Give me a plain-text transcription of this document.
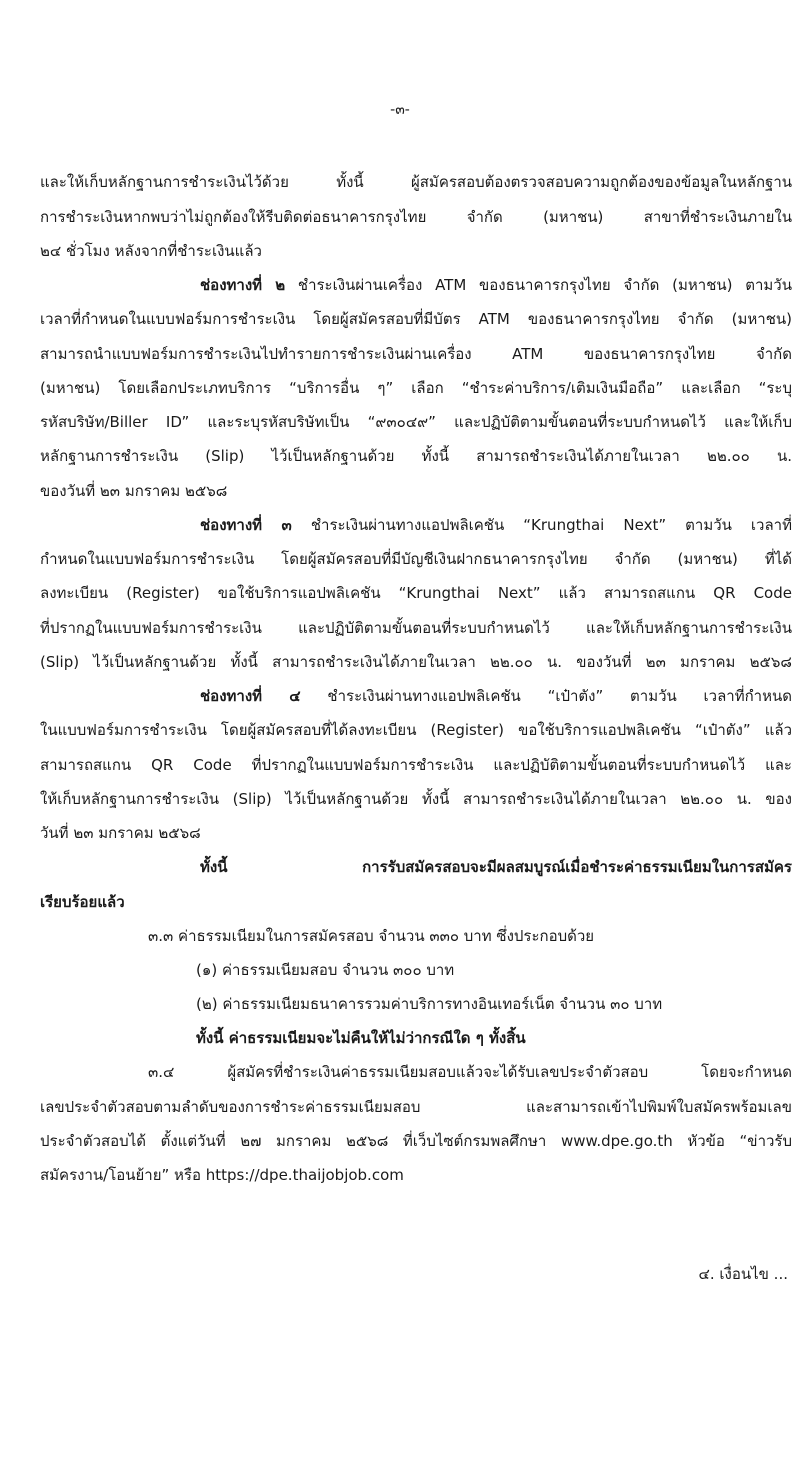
-๓-

และให้เก็บหลักฐานการชำระเงินไว้ด้วย ทั้งนี้ ผู้สมัครสอบต้องตรวจสอบความถูกต้องของข้อมูลในหลักฐาน

การชำระเงินหากพบว่าไม่ถูกต้องให้รีบติดต่อธนาคารกรุงไทย จำกัด (มหาชน) สาขาที่ชำระเงินภายใน

๒๔ ชั่วโมง หลังจากที่ชำระเงินแล้ว

ช่องทางที่ ๒ ชำระเงินผ่านเครื่อง ATM ของธนาคารกรุงไทย จำกัด (มหาชน) ตามวัน

เวลาที่กำหนดในแบบฟอร์มการชำระเงิน โดยผู้สมัครสอบที่มีบัตร ATM ของธนาคารกรุงไทย จำกัด (มหาชน)

สามารถนำแบบฟอร์มการชำระเงินไปทำรายการชำระเงินผ่านเครื่อง ATM ของธนาคารกรุงไทย จำกัด

(มหาชน) โดยเลือกประเภทบริการ “บริการอื่น ๆ” เลือก “ชำระค่าบริการ/เติมเงินมือถือ” และเลือก “ระบุ

รหัสบริษัท/Biller ID” และระบุรหัสบริษัทเป็น “๙๓๐๔๙” และปฏิบัติตามขั้นตอนที่ระบบกำหนดไว้ และให้เก็บ

หลักฐานการชำระเงิน (Slip) ไว้เป็นหลักฐานด้วย ทั้งนี้ สามารถชำระเงินได้ภายในเวลา ๒๒.๐๐ น.

ของวันที่ ๒๓ มกราคม ๒๕๖๘

ช่องทางที่ ๓ ชำระเงินผ่านทางแอปพลิเคชัน “Krungthai Next” ตามวัน เวลาที่

กำหนดในแบบฟอร์มการชำระเงิน โดยผู้สมัครสอบที่มีบัญชีเงินฝากธนาคารกรุงไทย จำกัด (มหาชน) ที่ได้

ลงทะเบียน (Register) ขอใช้บริการแอปพลิเคชัน “Krungthai Next” แล้ว สามารถสแกน QR Code

ที่ปรากฏในแบบฟอร์มการชำระเงิน และปฏิบัติตามขั้นตอนที่ระบบกำหนดไว้ และให้เก็บหลักฐานการชำระเงิน

(Slip) ไว้เป็นหลักฐานด้วย ทั้งนี้ สามารถชำระเงินได้ภายในเวลา ๒๒.๐๐ น. ของวันที่ ๒๓ มกราคม ๒๕๖๘

ช่องทางที่ ๔ ชำระเงินผ่านทางแอปพลิเคชัน “เป๋าตัง” ตามวัน เวลาที่กำหนด

ในแบบฟอร์มการชำระเงิน โดยผู้สมัครสอบที่ได้ลงทะเบียน (Register) ขอใช้บริการแอปพลิเคชัน “เป๋าตัง” แล้ว

สามารถสแกน QR Code ที่ปรากฏในแบบฟอร์มการชำระเงิน และปฏิบัติตามขั้นตอนที่ระบบกำหนดไว้ และ

ให้เก็บหลักฐานการชำระเงิน (Slip) ไว้เป็นหลักฐานด้วย ทั้งนี้ สามารถชำระเงินได้ภายในเวลา ๒๒.๐๐ น. ของ

วันที่ ๒๓ มกราคม ๒๕๖๘

ทั้งนี้ การรับสมัครสอบจะมีผลสมบูรณ์เมื่อชำระค่าธรรมเนียมในการสมัคร

เรียบร้อยแล้ว

๓.๓ ค่าธรรมเนียมในการสมัครสอบ จำนวน ๓๓๐ บาท ซึ่งประกอบด้วย

(๑) ค่าธรรมเนียมสอบ จำนวน ๓๐๐ บาท

(๒) ค่าธรรมเนียมธนาคารรวมค่าบริการทางอินเทอร์เน็ต จำนวน ๓๐ บาท

ทั้งนี้ ค่าธรรมเนียมจะไม่คืนให้ไม่ว่ากรณีใด ๆ ทั้งสิ้น

๓.๔ ผู้สมัครที่ชำระเงินค่าธรรมเนียมสอบแล้วจะได้รับเลขประจำตัวสอบ โดยจะกำหนด

เลขประจำตัวสอบตามลำดับของการชำระค่าธรรมเนียมสอบ และสามารถเข้าไปพิมพ์ใบสมัครพร้อมเลข

ประจำตัวสอบได้ ตั้งแต่วันที่ ๒๗ มกราคม ๒๕๖๘ ที่เว็บไซต์กรมพลศึกษา www.dpe.go.th หัวข้อ “ข่าวรับ

สมัครงาน/โอนย้าย” หรือ https://dpe.thaijobjob.com

๔. เงื่อนไข ...
